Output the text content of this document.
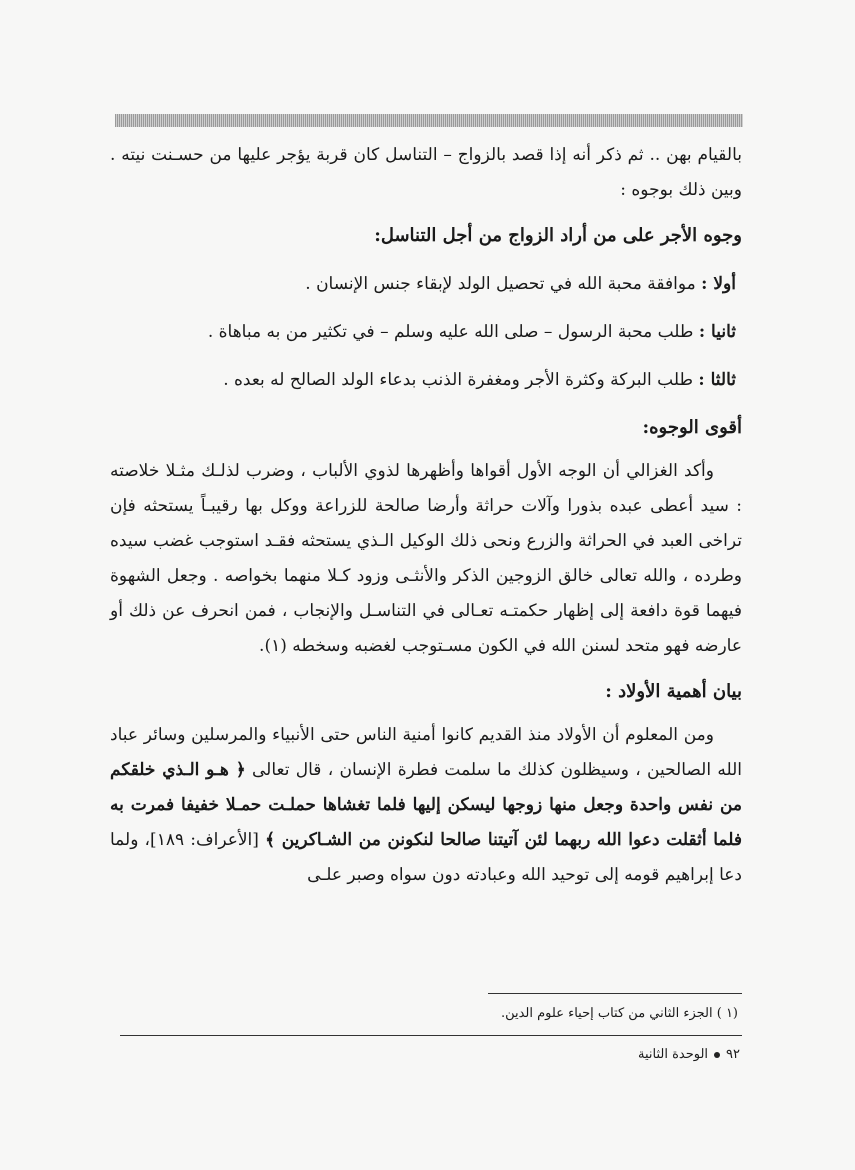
بالقيام بهن .. ثم ذكر أنه إذا قصد بالزواج – التناسل كان قربة يؤجر عليها من حسـنت نيته . وبين ذلك بوجوه :

وجوه الأجر على من أراد الزواج من أجل التناسل:
أولا : موافقة محبة الله في تحصيل الولد لإبقاء جنس الإنسان .
ثانيا : طلب محبة الرسول – صلى الله عليه وسلم – في تكثير من به مباهاة .
ثالثا : طلب البركة وكثرة الأجر ومغفرة الذنب بدعاء الولد الصالح له بعده .
أقوى الوجوه:

وأكد الغزالي أن الوجه الأول أقواها وأظهرها لذوي الألباب ، وضرب لذلـك مثـلا خلاصته : سيد أعطى عبده بذورا وآلات حراثة وأرضا صالحة للزراعة ووكل بها رقيبـاً يستحثه فإن تراخى العبد في الحراثة والزرع ونحى ذلك الوكيل الـذي يستحثه فقـد استوجب غضب سيده وطرده ، والله تعالى خالق الزوجين الذكر والأنثـى وزود كـلا منهما بخواصه . وجعل الشهوة فيهما قوة دافعة إلى إظهار حكمتـه تعـالى في التناسـل والإنجاب ، فمن انحرف عن ذلك أو عارضه فهو متحد لسنن الله في الكون مسـتوجب لغضبه وسخطه (١).

بيان أهمية الأولاد :

ومن المعلوم أن الأولاد منذ القديم كانوا أمنية الناس حتى الأنبياء والمرسلين وسائر عباد الله الصالحين ، وسيظلون كذلك ما سلمت فطرة الإنسان ، قال تعالى ﴿ هـو الـذي خلقكم من نفس واحدة وجعل منها زوجها ليسكن إليها فلما تغشاها حملـت حمـلا خفيفا فمرت به فلما أثقلت دعوا الله ربهما لئن آتيتنا صالحا لنكونن من الشـاكرين ﴾ [الأعراف: ١٨٩]، ولما دعا إبراهيم قومه إلى توحيد الله وعبادته دون سواه وصبر علـى

(١ ) الجزء الثاني من كتاب إحياء علوم الدين.
٩٢الوحدة الثانية
